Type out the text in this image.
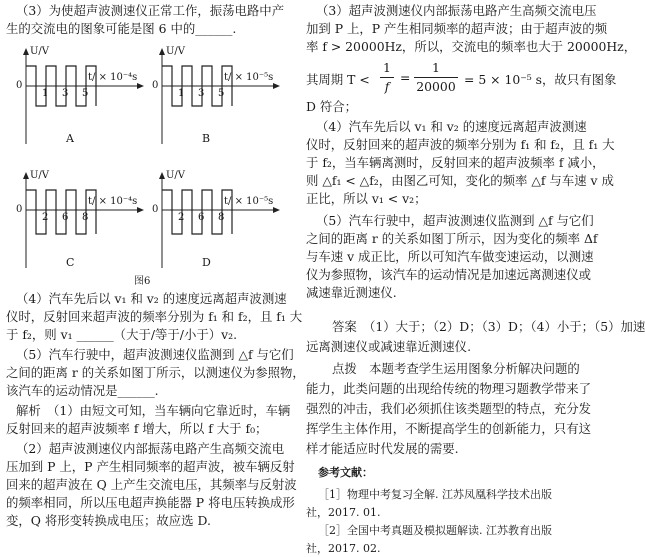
（3）为使超声波测速仪正常工作，振荡电路中产
生的交流电的图象可能是图 6 中的______.
U/V
0
t/ × 10⁻⁴s
1 3 5
A
U/V
0
t/ × 10⁻⁵s
1 3 5
B
U/V
0
t/ × 10⁻⁴s
2 6 8
C
U/V
0
t/ × 10⁻⁵s
2 6 8
D
图6
（4）汽车先后以 v₁ 和 v₂ 的速度远离超声波测速
仪时，反射回来超声波的频率分别为 f₁ 和 f₂，且 f₁ 大
于 f₂，则 v₁ ______（大于/等于/小于）v₂.
（5）汽车行驶中，超声波测速仪监测到 △f 与它们
之间的距离 r 的关系如图丁所示，以测速仪为参照物，
该汽车的运动情况是______.
解析　（1）由短文可知，当车辆向它靠近时，车辆
反射回来的超声波频率 f 增大，所以 f 大于 f₀；
（2）超声波测速仪内部振荡电路产生高频交流电
压加到 P 上，P 产生相同频率的超声波，被车辆反射
回来的超声波在 Q 上产生交流电压，其频率与反射波
的频率相同，所以压电超声换能器 P 将电压转换成形
变，Q 将形变转换成电压；故应选 D.
（3）超声波测速仪内部振荡电路产生高频交流电压
加到 P 上，P 产生相同频率的超声波；由于超声波的频
率 f > 20000Hz，所以，交流电的频率也大于 20000Hz，
其周期 T <
1
f
=
1
20000 = 5 × 10⁻⁵ s，故只有图象
D 符合；
（4）汽车先后以 v₁ 和 v₂ 的速度远离超声波测速
仪时，反射回来的超声波的频率分别为 f₁ 和 f₂，且 f₁ 大
于 f₂，当车辆离测时，反射回来的超声波频率 f 减小，
则 △f₁ < △f₂，由图乙可知，变化的频率 △f 与车速 v 成
正比，所以 v₁ < v₂；
（5）汽车行驶中，超声波测速仪监测到 △f 与它们
之间的距离 r 的关系如图丁所示，因为变化的频率 Δf
与车速 v 成正比，所以可知汽车做变速运动，以测速
仪为参照物，该汽车的运动情况是加速远离测速仪或
减速靠近测速仪.
答案　（1）大于；（2）D；（3）D；（4）小于；（5）加速
远离测速仪或减速靠近测速仪.
点拨　本题考查学生运用图象分析解决问题的
能力，此类问题的出现给传统的物理习题教学带来了
强烈的冲击，我们必须抓住该类题型的特点，充分发
挥学生主体作用，不断提高学生的创新能力，只有这
样才能适应时代发展的需要.
参考文献：
［1］物理中考复习全解. 江苏凤凰科学技术出版
社，2017. 01.
［2］全国中考真题及模拟题解读. 江苏教育出版
社，2017. 02.
